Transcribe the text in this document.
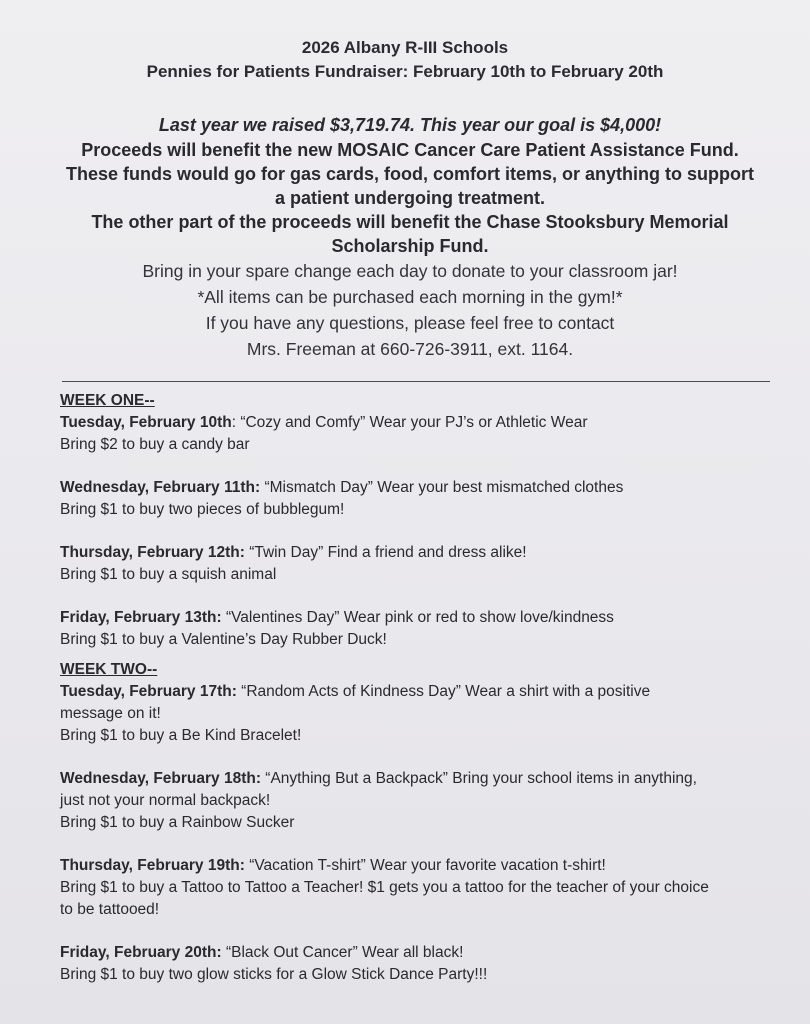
2026 Albany R-III Schools
Pennies for Patients Fundraiser: February 10th to February 20th
Last year we raised $3,719.74. This year our goal is $4,000!
Proceeds will benefit the new MOSAIC Cancer Care Patient Assistance Fund.
These funds would go for gas cards, food, comfort items, or anything to support
a patient undergoing treatment.
The other part of the proceeds will benefit the Chase Stooksbury Memorial
Scholarship Fund.
Bring in your spare change each day to donate to your classroom jar!
*All items can be purchased each morning in the gym!*
If you have any questions, please feel free to contact
Mrs. Freeman at 660-726-3911, ext. 1164.
WEEK ONE--
Tuesday, February 10th: “Cozy and Comfy” Wear your PJ’s or Athletic Wear
Bring $2 to buy a candy bar
Wednesday, February 11th: “Mismatch Day” Wear your best mismatched clothes
Bring $1 to buy two pieces of bubblegum!
Thursday, February 12th: “Twin Day” Find a friend and dress alike!
Bring $1 to buy a squish animal
Friday, February 13th: “Valentines Day” Wear pink or red to show love/kindness
Bring $1 to buy a Valentine’s Day Rubber Duck!
WEEK TWO--
Tuesday, February 17th: “Random Acts of Kindness Day” Wear a shirt with a positive
message on it!
Bring $1 to buy a Be Kind Bracelet!
Wednesday, February 18th: “Anything But a Backpack” Bring your school items in anything,
just not your normal backpack!
Bring $1 to buy a Rainbow Sucker
Thursday, February 19th: “Vacation T-shirt” Wear your favorite vacation t-shirt!
Bring $1 to buy a Tattoo to Tattoo a Teacher! $1 gets you a tattoo for the teacher of your choice
to be tattooed!
Friday, February 20th: “Black Out Cancer” Wear all black!
Bring $1 to buy two glow sticks for a Glow Stick Dance Party!!!
